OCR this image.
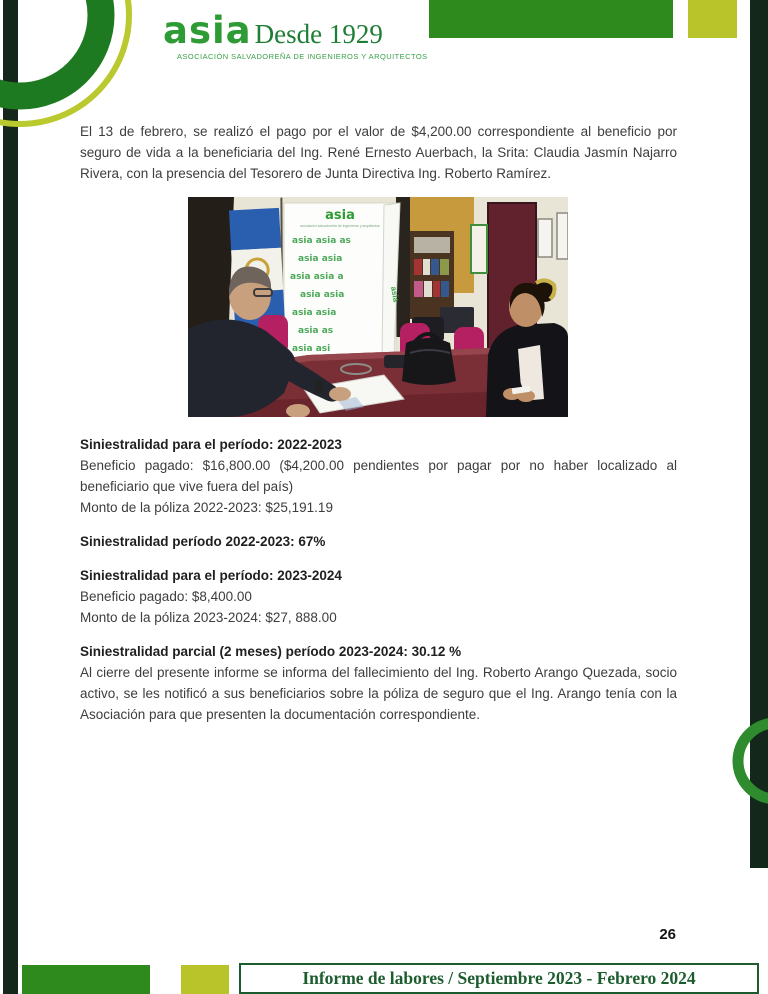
asia Desde 1929
ASOCIACIÓN SALVADOREÑA DE INGENIEROS Y ARQUITECTOS
El 13 de febrero, se realizó el pago por el valor de $4,200.00 correspondiente al beneficio por seguro de vida a la beneficiaria del Ing. René Ernesto Auerbach, la Srita: Claudia Jasmín Najarro Rivera, con la presencia del Tesorero de Junta Directiva Ing. Roberto Ramírez.
asia
asociación salvadoreña de ingenieros y arquitectos
asia asia as
asia asia
asia asia a
asia asia
asia asia
asia as
asia asi
asia
Siniestralidad para el período: 2022-2023
Beneficio pagado: $16,800.00 ($4,200.00 pendientes por pagar por no haber localizado al beneficiario que vive fuera del país)
Monto de la póliza 2022-2023: $25,191.19
Siniestralidad período 2022-2023: 67%
Siniestralidad para el período: 2023-2024
Beneficio pagado: $8,400.00
Monto de la póliza 2023-2024: $27, 888.00
Siniestralidad parcial (2 meses) período 2023-2024: 30.12 %
Al cierre del presente informe se informa del fallecimiento del Ing. Roberto Arango Quezada, socio activo, se les notificó a sus beneficiarios sobre la póliza de seguro que el Ing. Arango tenía con la Asociación para que presenten la documentación correspondiente.
26
Informe de labores / Septiembre 2023 - Febrero 2024
